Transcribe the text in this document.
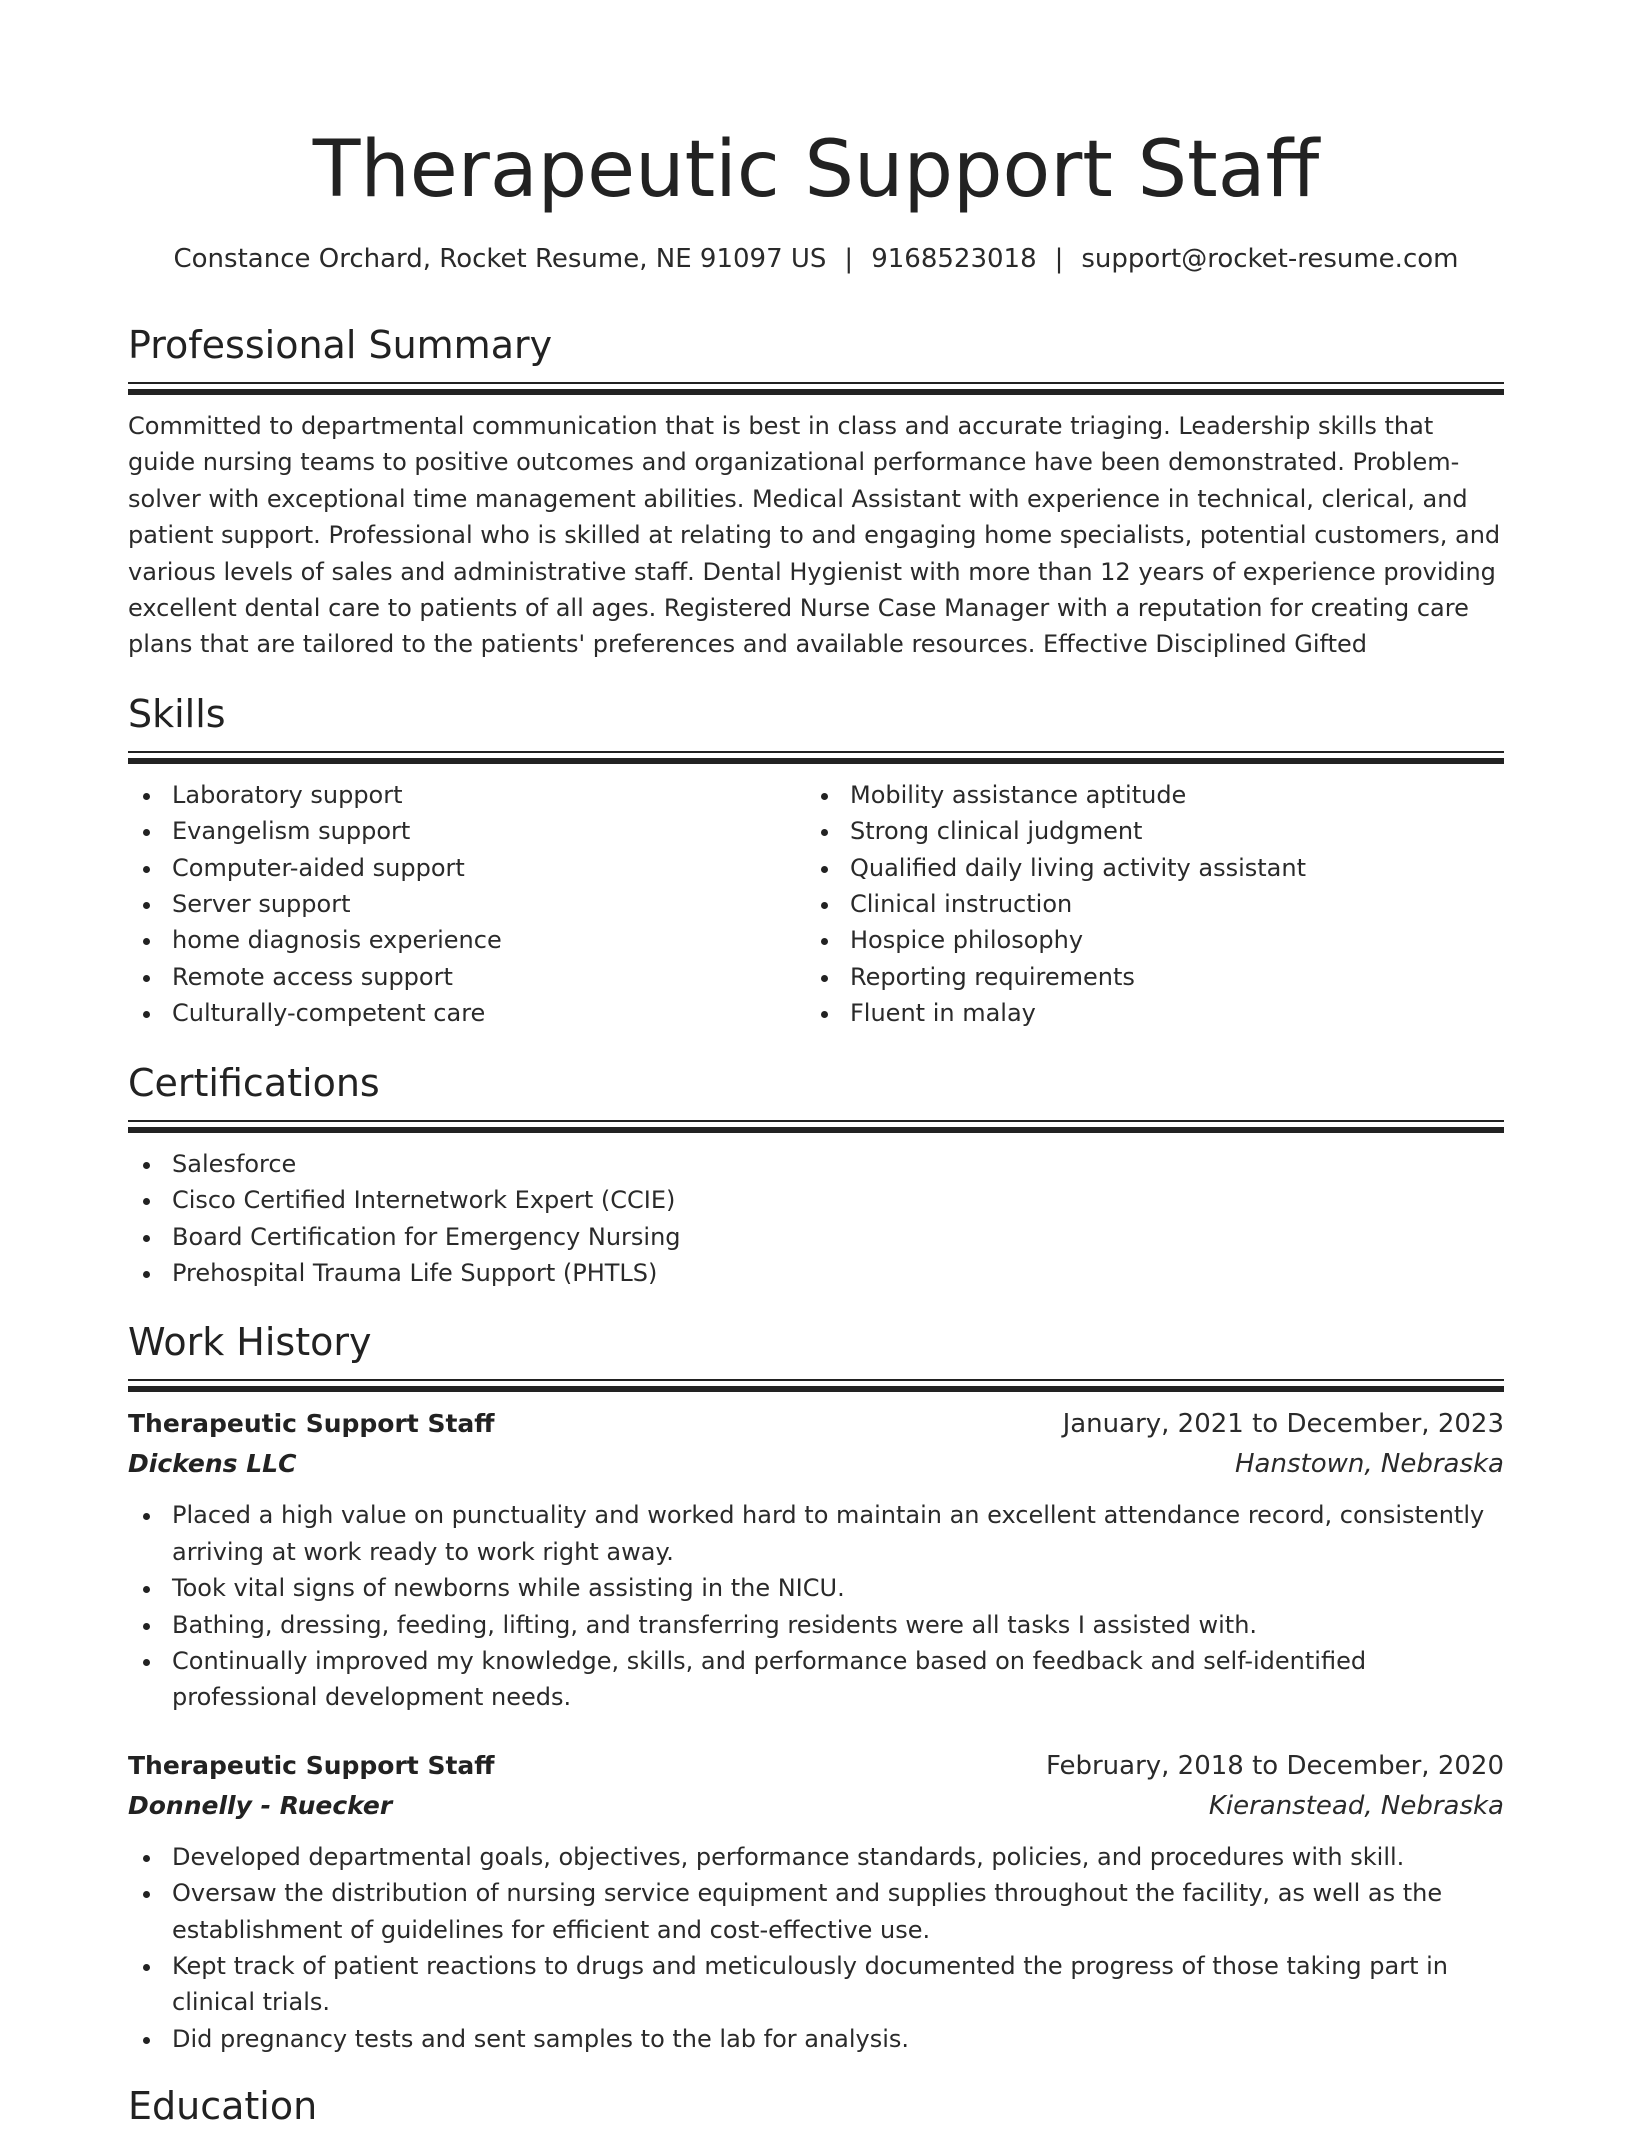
Therapeutic Support Staff
Constance Orchard, Rocket Resume, NE 91097 US | 9168523018 | support@rocket-resume.com
Professional Summary
Committed to departmental communication that is best in class and accurate triaging. Leadership skills that guide nursing teams to positive outcomes and organizational performance have been demonstrated. Problem-solver with exceptional time management abilities. Medical Assistant with experience in technical, clerical, and patient support. Professional who is skilled at relating to and engaging home specialists, potential customers, and various levels of sales and administrative staff. Dental Hygienist with more than 12 years of experience providing excellent dental care to patients of all ages. Registered Nurse Case Manager with a reputation for creating care plans that are tailored to the patients' preferences and available resources. Effective Disciplined Gifted
Skills
Laboratory support
Evangelism support
Computer-aided support
Server support
home diagnosis experience
Remote access support
Culturally-competent care
Mobility assistance aptitude
Strong clinical judgment
Qualified daily living activity assistant
Clinical instruction
Hospice philosophy
Reporting requirements
Fluent in malay
Certifications
Salesforce
Cisco Certified Internetwork Expert (CCIE)
Board Certification for Emergency Nursing
Prehospital Trauma Life Support (PHTLS)
Work History
Therapeutic Support Staff	January, 2021 to December, 2023
Dickens LLC	Hanstown, Nebraska
Placed a high value on punctuality and worked hard to maintain an excellent attendance record, consistently arriving at work ready to work right away.
Took vital signs of newborns while assisting in the NICU.
Bathing, dressing, feeding, lifting, and transferring residents were all tasks I assisted with.
Continually improved my knowledge, skills, and performance based on feedback and self-identified professional development needs.
Therapeutic Support Staff	February, 2018 to December, 2020
Donnelly - Ruecker	Kieranstead, Nebraska
Developed departmental goals, objectives, performance standards, policies, and procedures with skill.
Oversaw the distribution of nursing service equipment and supplies throughout the facility, as well as the establishment of guidelines for efficient and cost-effective use.
Kept track of patient reactions to drugs and meticulously documented the progress of those taking part in clinical trials.
Did pregnancy tests and sent samples to the lab for analysis.
Education
